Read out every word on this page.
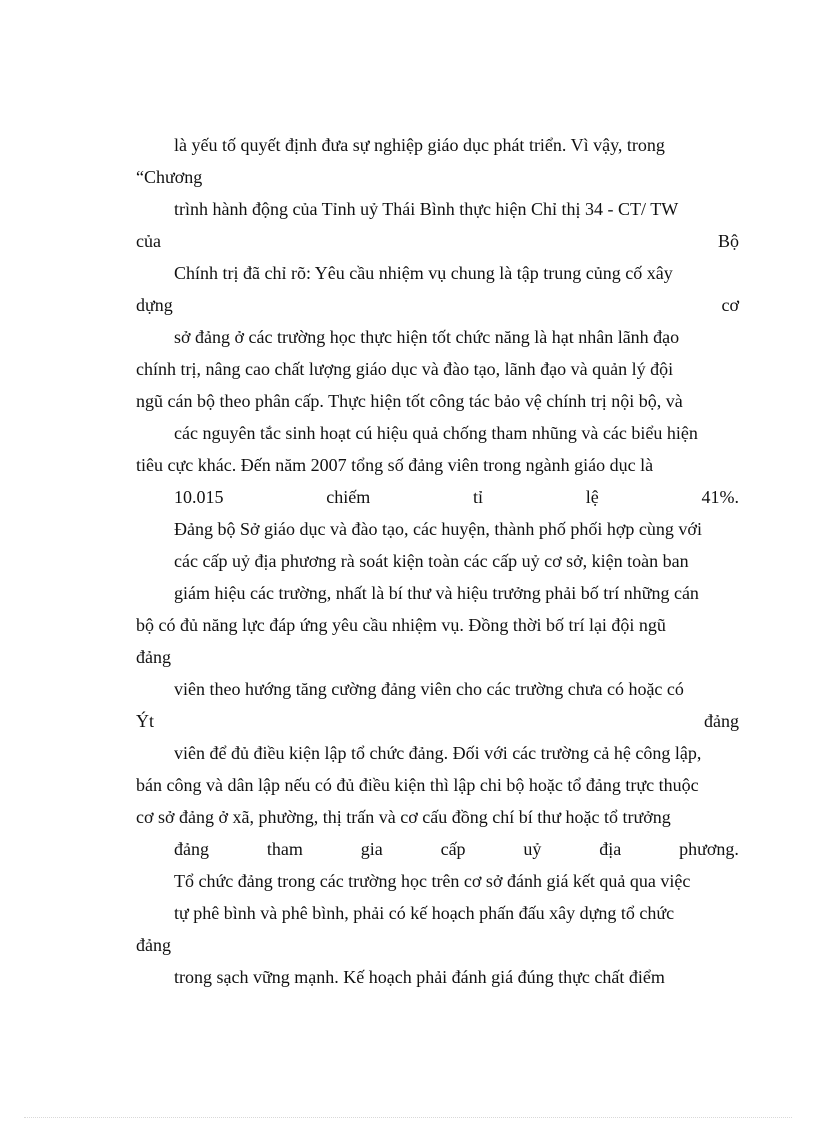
là yếu tố quyết định đưa sự nghiệp giáo dục phát triển. Vì vậy, trong
“Chương
trình hành động của Tỉnh uỷ Thái Bình thực hiện Chỉ thị 34 - CT/ TW
của	Bộ
Chính trị đã chỉ rõ: Yêu cầu nhiệm vụ chung là tập trung củng cố xây
dựng	cơ
sở đảng ở các trường học thực hiện tốt chức năng là hạt nhân lãnh đạo
chính trị, nâng cao chất lượng giáo dục và đào tạo, lãnh đạo và quản lý đội
ngũ cán bộ theo phân cấp. Thực hiện tốt công tác bảo vệ chính trị nội bộ, và
các nguyên tắc sinh hoạt cú hiệu quả chống tham nhũng và các biểu hiện
tiêu cực khác. Đến năm 2007 tổng số đảng viên trong ngành giáo dục là
10.015	chiếm	tỉ	lệ	41%.
Đảng bộ Sở giáo dục và đào tạo, các huyện, thành phố phối hợp cùng với
các cấp uỷ địa phương rà soát kiện toàn các cấp uỷ cơ sở, kiện toàn ban
giám hiệu các trường, nhất là bí thư và hiệu trưởng phải bố trí những cán
bộ có đủ năng lực đáp ứng yêu cầu nhiệm vụ. Đồng thời bố trí lại đội ngũ
đảng
viên theo hướng tăng cường đảng viên cho các trường chưa có hoặc có
Ýt	đảng
viên để đủ điều kiện lập tổ chức đảng. Đối với các trường cả hệ công lập,
bán công và dân lập nếu có đủ điều kiện thì lập chi bộ hoặc tổ đảng trực thuộc
cơ sở đảng ở xã, phường, thị trấn và cơ cấu đồng chí bí thư hoặc tổ trưởng
đảng	tham	gia	cấp	uỷ	địa	phương.
Tổ chức đảng trong các trường học trên cơ sở đánh giá kết quả qua việc
tự phê bình và phê bình, phải có kế hoạch phấn đấu xây dựng tổ chức
đảng
trong sạch vững mạnh. Kế hoạch phải đánh giá đúng thực chất điểm
